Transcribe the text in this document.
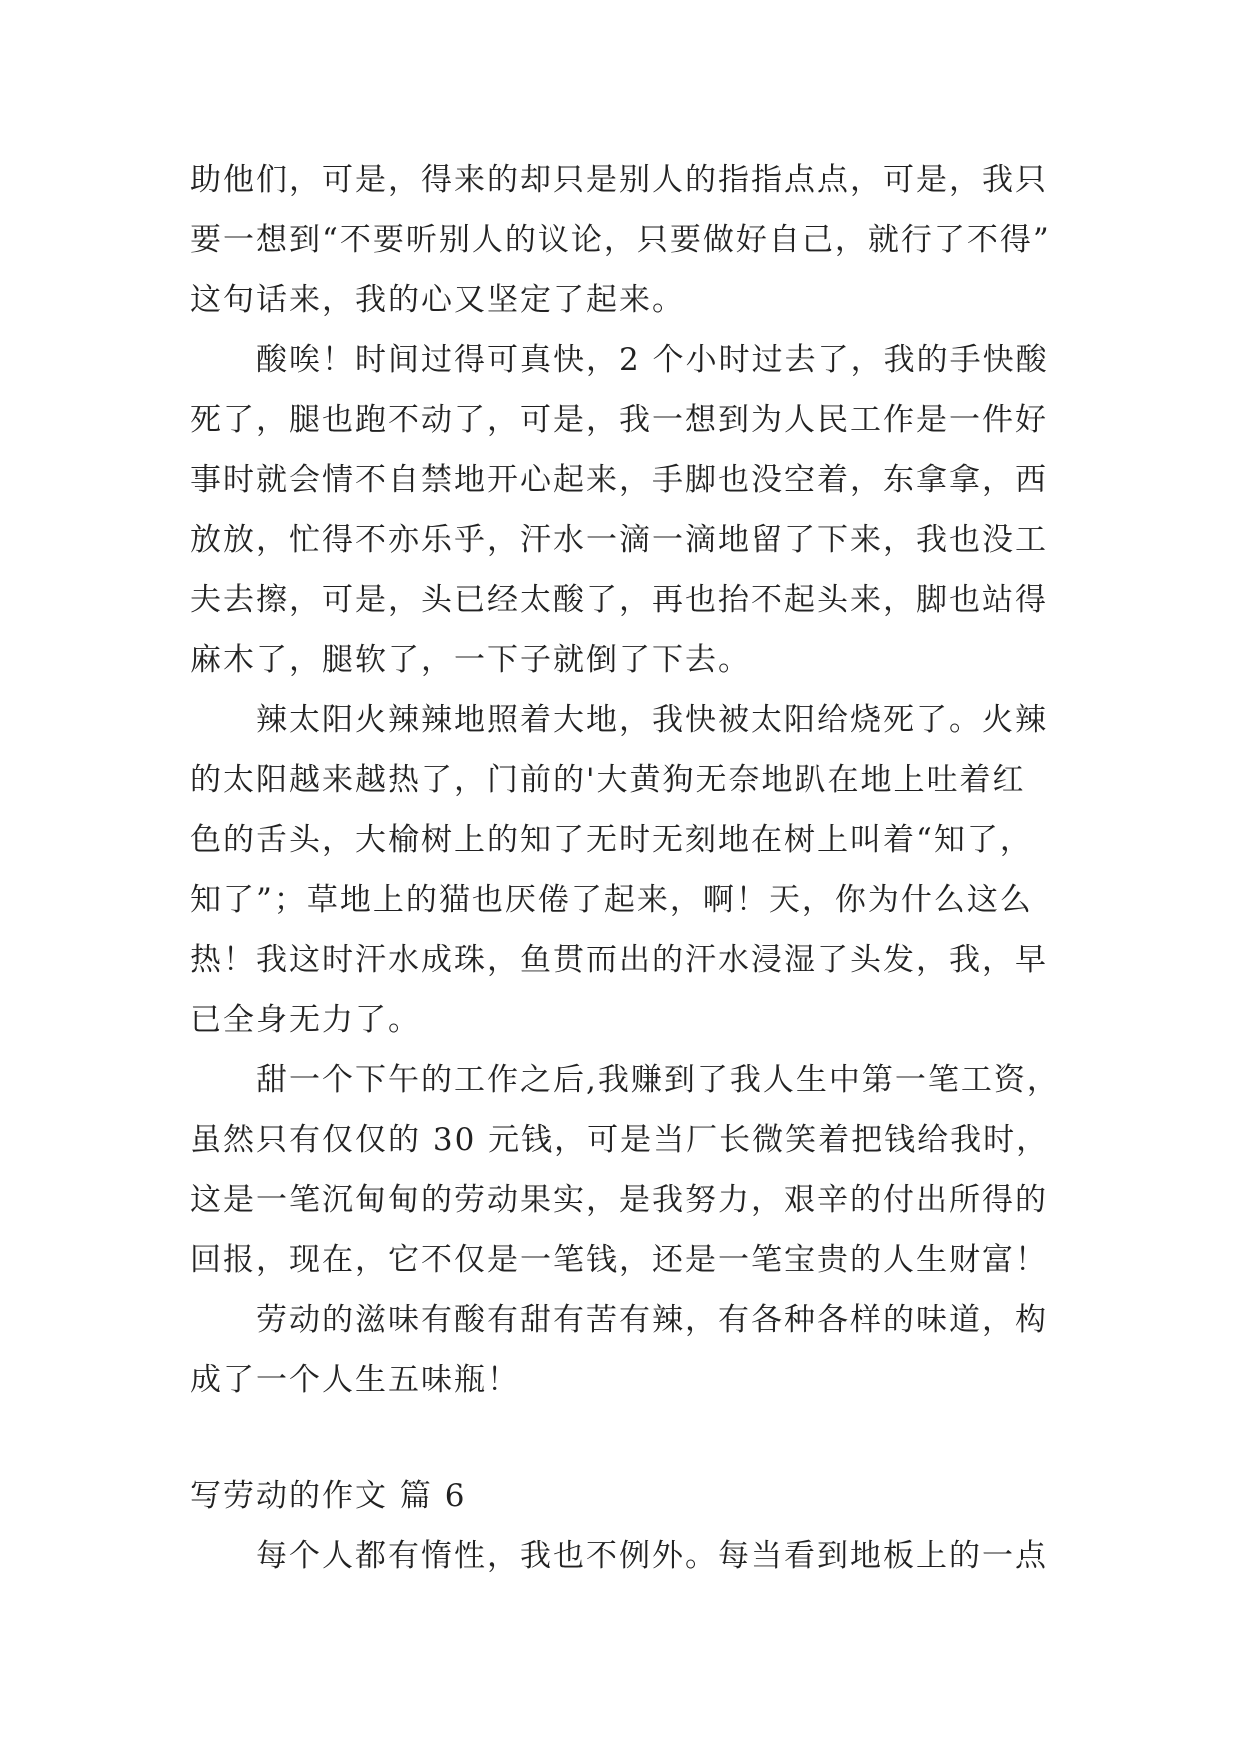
助他们，可是，得来的却只是别人的指指点点，可是，我只
要一想到“不要听别人的议论，只要做好自己，就行了不得”
这句话来，我的心又坚定了起来。
酸唉！时间过得可真快，2 个小时过去了，我的手快酸
死了，腿也跑不动了，可是，我一想到为人民工作是一件好
事时就会情不自禁地开心起来，手脚也没空着，东拿拿，西
放放，忙得不亦乐乎，汗水一滴一滴地留了下来，我也没工
夫去擦，可是，头已经太酸了，再也抬不起头来，脚也站得
麻木了，腿软了，一下子就倒了下去。
辣太阳火辣辣地照着大地，我快被太阳给烧死了。火辣
的太阳越来越热了，门前的'大黄狗无奈地趴在地上吐着红
色的舌头，大榆树上的知了无时无刻地在树上叫着“知了，
知了”；草地上的猫也厌倦了起来，啊！天，你为什么这么
热！我这时汗水成珠，鱼贯而出的汗水浸湿了头发，我，早
已全身无力了。
甜一个下午的工作之后,我赚到了我人生中第一笔工资，
虽然只有仅仅的 30 元钱，可是当厂长微笑着把钱给我时，
这是一笔沉甸甸的劳动果实，是我努力，艰辛的付出所得的
回报，现在，它不仅是一笔钱，还是一笔宝贵的人生财富！
劳动的滋味有酸有甜有苦有辣，有各种各样的味道，构
成了一个人生五味瓶！
写劳动的作文 篇 6
每个人都有惰性，我也不例外。每当看到地板上的一点
